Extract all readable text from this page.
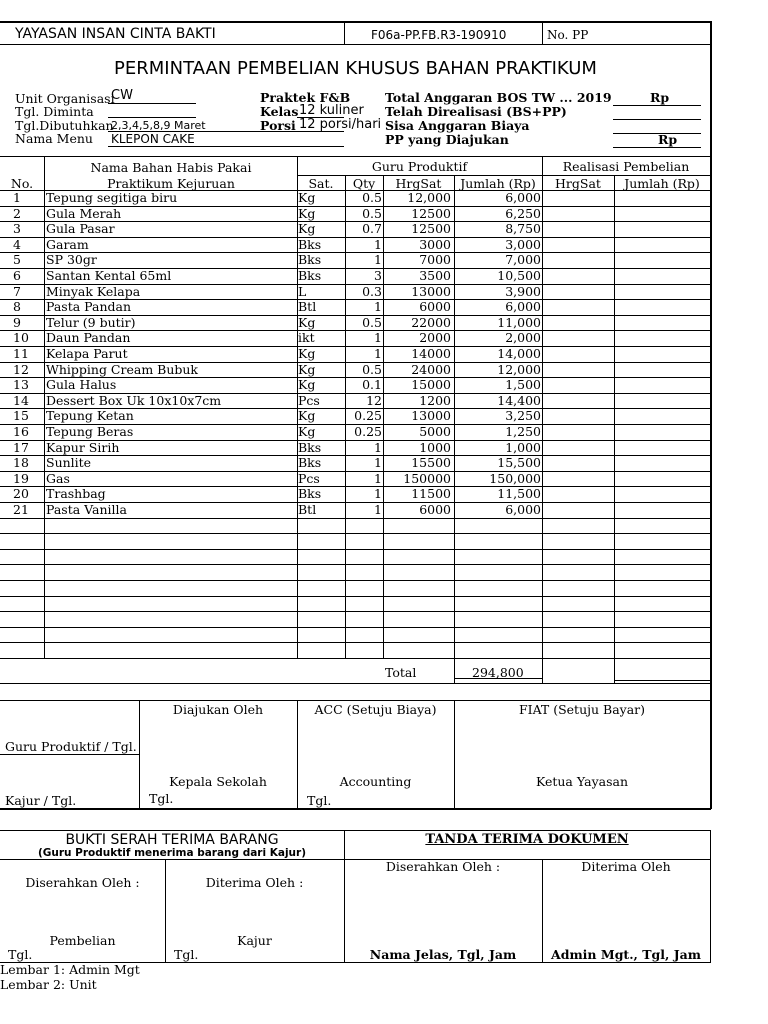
YAYASAN INSAN CINTA BAKTI	F06a-PP.FB.R3-190910	No. PP
PERMINTAAN PEMBELIAN KHUSUS BAHAN PRAKTIKUM
Unit Organisasi
CW
Tgl. Diminta
Tgl.Dibutuhkan
2,3,4,5,8,9 Maret
Nama Menu KLEPON CAKE
Praktek F&B
Kelas 12 kuliner
Porsi 12 porsi/hari
Total Anggaran BOS TW ... 2019	Rp
Telah Direalisasi (BS+PP)
Sisa Anggaran Biaya
PP yang Diajukan	Rp
No.
Nama Bahan Habis Pakai
Praktikum Kejuruan
Guru Produktif	Realisasi Pembelian
Sat.	Qty	HrgSat	Jumlah (Rp)	HrgSat	Jumlah (Rp)
1	Tepung segitiga biru	Kg	0.5	12,000	6,000
2	Gula Merah	Kg	0.5	12500	6,250
3	Gula Pasar	Kg	0.7	12500	8,750
4	Garam	Bks	1	3000	3,000
5	SP 30gr	Bks	1	7000	7,000
6	Santan Kental 65ml	Bks	3	3500	10,500
7	Minyak Kelapa	L	0.3	13000	3,900
8	Pasta Pandan	Btl	1	6000	6,000
9	Telur (9 butir)	Kg	0.5	22000	11,000
10	Daun Pandan	ikt	1	2000	2,000
11	Kelapa Parut	Kg	1	14000	14,000
12	Whipping Cream Bubuk	Kg	0.5	24000	12,000
13	Gula Halus	Kg	0.1	15000	1,500
14	Dessert Box Uk 10x10x7cm	Pcs	12	1200	14,400
15	Tepung Ketan	Kg	0.25	13000	3,250
16	Tepung Beras	Kg	0.25	5000	1,250
17	Kapur Sirih	Bks	1	1000	1,000
18	Sunlite	Bks	1	15500	15,500
19	Gas	Pcs	1	150000	150,000
20	Trashbag	Bks	1	11500	11,500
21	Pasta Vanilla	Btl	1	6000	6,000
Total	294,800
Guru Produktif / Tgl.
Kajur / Tgl.
Diajukan Oleh
Kepala Sekolah
Tgl.
ACC (Setuju Biaya)
Accounting
Tgl.
FIAT (Setuju Bayar)
Ketua Yayasan
BUKTI SERAH TERIMA BARANG
(Guru Produktif menerima barang dari Kajur)
Diserahkan Oleh :	Diterima Oleh :
Pembelian	Kajur
Tgl.	Tgl.
TANDA TERIMA DOKUMEN
Diserahkan Oleh :	Diterima Oleh
Nama Jelas, Tgl, Jam	Admin Mgt., Tgl, Jam
Lembar 1: Admin Mgt
Lembar 2: Unit
